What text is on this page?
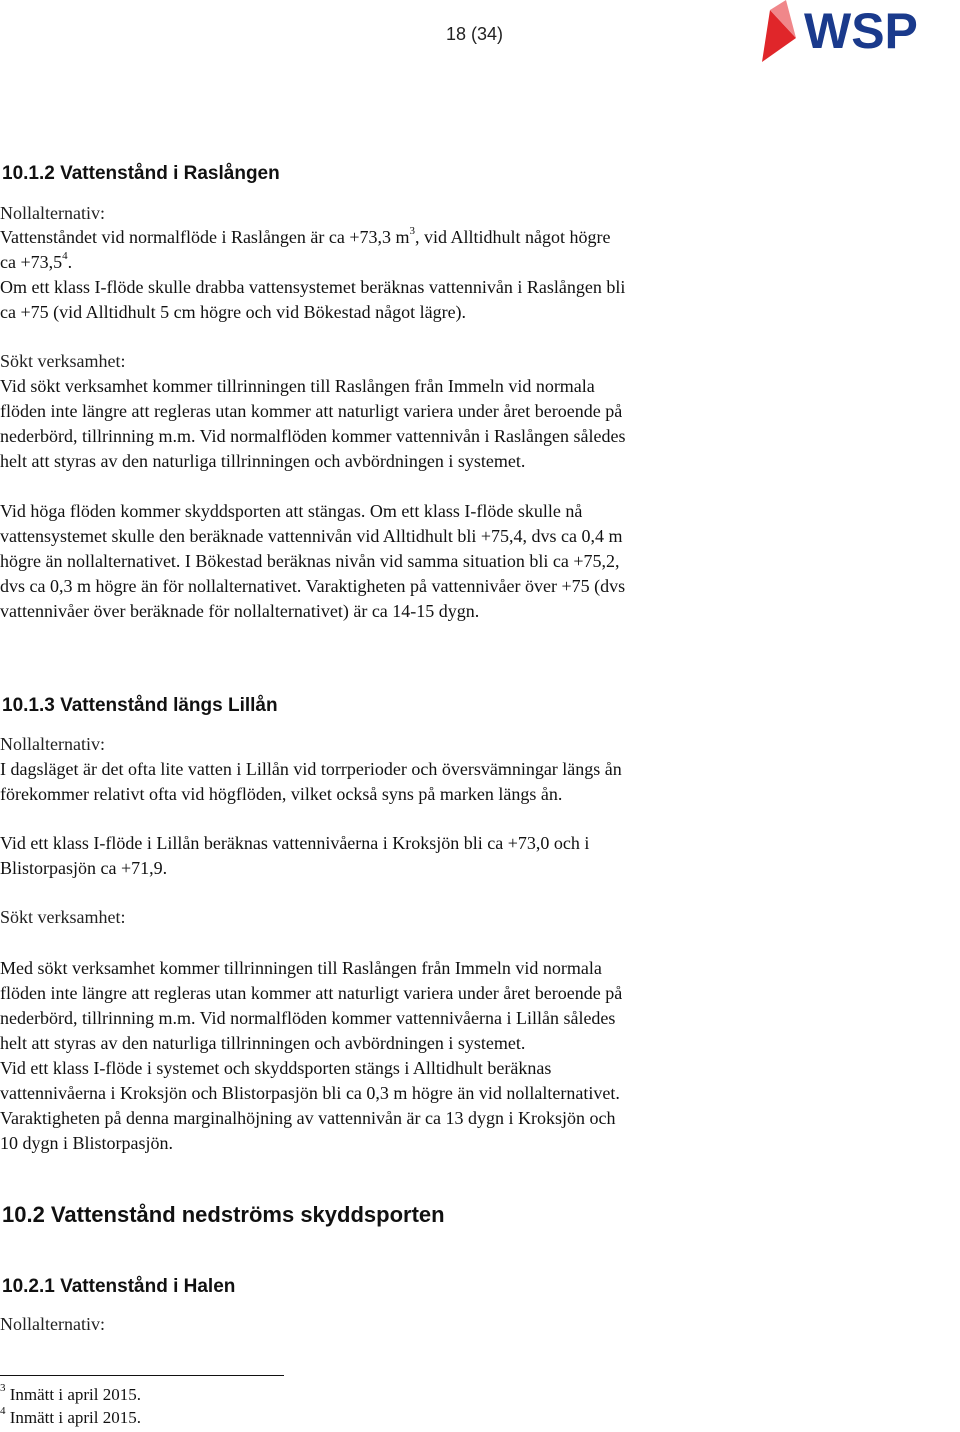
18 (34)	WSP
10.1.2 Vattenstånd i Raslången
Nollalternativ:
Vattenståndet vid normalflöde i Raslången är ca +73,3 $m^3$, vid Alltidhult något högre
ca $+73,5^4$.
Om ett klass I-flöde skulle drabba vattensystemet beräknas vattennivån i Raslången bli
ca +75 (vid Alltidhult 5 cm högre och vid Bökestad något lägre).
Sökt verksamhet:
Vid sökt verksamhet kommer tillrinningen till Raslången från Immeln vid normala
flöden inte längre att regleras utan kommer att naturligt variera under året beroende på
nederbörd, tillrinning m.m. Vid normalflöden kommer vattennivån i Raslången således
helt att styras av den naturliga tillrinningen och avbördningen i systemet.
Vid höga flöden kommer skyddsporten att stängas. Om ett klass I-flöde skulle nå
vattensystemet skulle den beräknade vattennivån vid Alltidhult bli +75,4, dvs ca 0,4 m
högre än nollalternativet. I Bökestad beräknas nivån vid samma situation bli ca +75,2,
dvs ca 0,3 m högre än för nollalternativet. Varaktigheten på vattennivåer över +75 (dvs
vattennivåer över beräknade för nollalternativet) är ca 14-15 dygn.
10.1.3 Vattenstånd längs Lillån
Nollalternativ:
I dagsläget är det ofta lite vatten i Lillån vid torrperioder och översvämningar längs ån
förekommer relativt ofta vid högflöden, vilket också syns på marken längs ån.
Vid ett klass I-flöde i Lillån beräknas vattennivåerna i Kroksjön bli ca +73,0 och i
Blistorpasjön ca +71,9.
Sökt verksamhet:
Med sökt verksamhet kommer tillrinningen till Raslången från Immeln vid normala
flöden inte längre att regleras utan kommer att naturligt variera under året beroende på
nederbörd, tillrinning m.m. Vid normalflöden kommer vattennivåerna i Lillån således
helt att styras av den naturliga tillrinningen och avbördningen i systemet.
Vid ett klass I-flöde i systemet och skyddsporten stängs i Alltidhult beräknas
vattennivåerna i Kroksjön och Blistorpasjön bli ca 0,3 m högre än vid nollalternativet.
Varaktigheten på denna marginalhöjning av vattennivån är ca 13 dygn i Kroksjön och
10 dygn i Blistorpasjön.
10.2 Vattenstånd nedströms skyddsporten
10.2.1 Vattenstånd i Halen
Nollalternativ:
$^3$ Inmätt i april 2015.
$^4$ Inmätt i april 2015.
